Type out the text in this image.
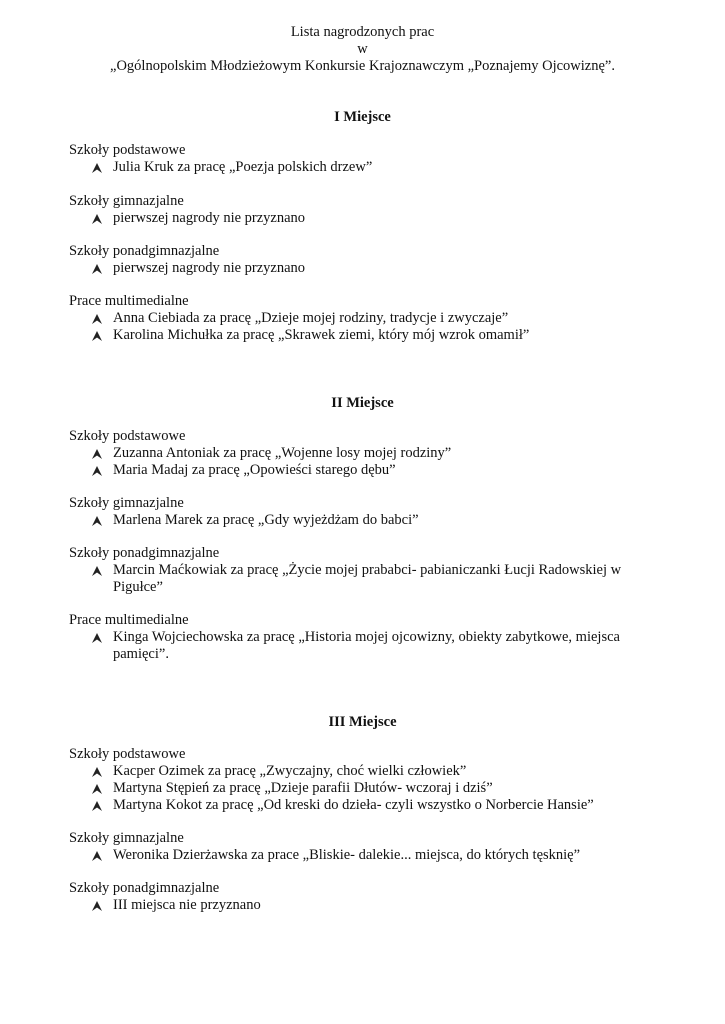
Lista nagrodzonych prac
w
„Ogólnopolskim Młodzieżowym Konkursie Krajoznawczym „Poznajemy Ojcowiznę”.
I Miejsce
Szkoły podstawowe
Julia Kruk za pracę „Poezja polskich drzew”
Szkoły gimnazjalne
pierwszej nagrody nie przyznano
Szkoły ponadgimnazjalne
pierwszej nagrody nie przyznano
Prace multimedialne
Anna Ciebiada za pracę „Dzieje mojej rodziny, tradycje i zwyczaje”
Karolina Michułka za pracę „Skrawek ziemi, który mój wzrok omamił”
II Miejsce
Szkoły podstawowe
Zuzanna Antoniak za pracę „Wojenne losy mojej rodziny”
Maria Madaj za pracę „Opowieści starego dębu”
Szkoły gimnazjalne
Marlena Marek za pracę „Gdy wyjeżdżam do babci”
Szkoły ponadgimnazjalne
Marcin Maćkowiak za pracę „Życie mojej prababci- pabianiczanki Łucji Radowskiej w Pigułce”
Prace multimedialne
Kinga Wojciechowska za pracę „Historia mojej ojcowizny, obiekty zabytkowe, miejsca pamięci”.
III Miejsce
Szkoły podstawowe
Kacper Ozimek za pracę „Zwyczajny, choć wielki człowiek”
Martyna Stępień za pracę „Dzieje parafii Dłutów- wczoraj i dziś”
Martyna Kokot za pracę „Od kreski do dzieła- czyli wszystko o Norbercie Hansie”
Szkoły gimnazjalne
Weronika Dzierżawska za prace „Bliskie- dalekie... miejsca, do których tęsknię”
Szkoły ponadgimnazjalne
III miejsca nie przyznano
